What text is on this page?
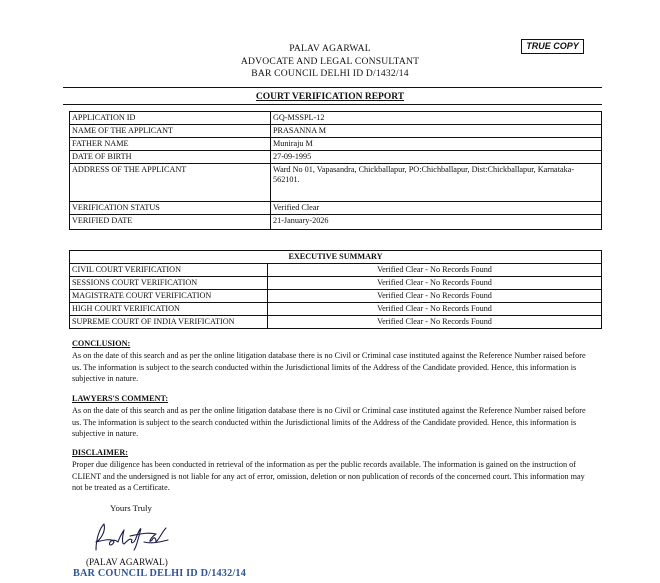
PALAV AGARWAL
ADVOCATE AND LEGAL CONSULTANT
BAR COUNCIL DELHI ID D/1432/14
TRUE COPY
COURT VERIFICATION REPORT
APPLICATION ID	GQ-MSSPL-12
NAME OF THE APPLICANT	PRASANNA M
FATHER NAME	Muniraju M
DATE OF BIRTH	27-09-1995
ADDRESS OF THE APPLICANT	Ward No 01, Vapasandra, Chickballapur, PO:Chichballapur, Dist:Chickballapur, Karnataka-562101.
VERIFICATION STATUS	Verified Clear
VERIFIED DATE	21-January-2026
EXECUTIVE SUMMARY	
CIVIL COURT VERIFICATION	Verified Clear - No Records Found
SESSIONS COURT VERIFICATION	Verified Clear - No Records Found
MAGISTRATE COURT VERIFICATION	Verified Clear - No Records Found
HIGH COURT VERIFICATION	Verified Clear - No Records Found
SUPREME COURT OF INDIA VERIFICATION	Verified Clear - No Records Found
CONCLUSION:

As on the date of this search and as per the online litigation database there is no Civil or Criminal case instituted against the Reference Number raised before us. The information is subject to the search conducted within the Jurisdictional limits of the Address of the Candidate provided. Hence, this information is subjective in nature.

LAWYERS'S COMMENT:

As on the date of this search and as per the online litigation database there is no Civil or Criminal case instituted against the Reference Number raised before us. The information is subject to the search conducted within the Jurisdictional limits of the Address of the Candidate provided. Hence, this information is subjective in nature.

DISCLAIMER:

Proper due diligence has been conducted in retrieval of the information as per the public records available. The information is gained on the instruction of CLIENT and the undersigned is not liable for any act of error, omission, deletion or non publication of records of the concerned court. This information may not be treated as a Certificate.

Yours Truly
(PALAV AGARWAL)
BAR COUNCIL DELHI ID D/1432/14
